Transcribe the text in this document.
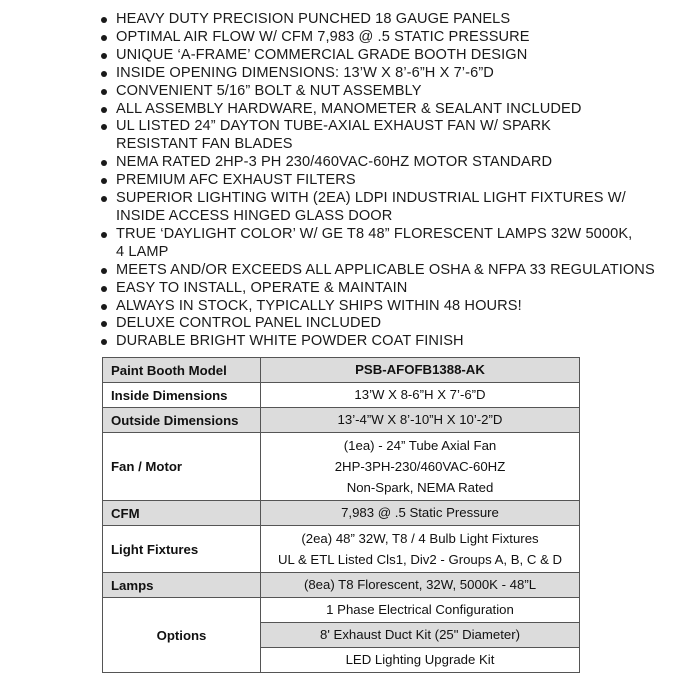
HEAVY DUTY PRECISION PUNCHED 18 GAUGE PANELS
OPTIMAL AIR FLOW W/ CFM 7,983 @ .5 STATIC PRESSURE
UNIQUE ‘A-FRAME’ COMMERCIAL GRADE BOOTH DESIGN
INSIDE OPENING DIMENSIONS: 13’W X 8’-6”H X 7’-6”D
CONVENIENT 5/16” BOLT & NUT ASSEMBLY
ALL ASSEMBLY HARDWARE, MANOMETER & SEALANT INCLUDED
UL LISTED 24” DAYTON TUBE-AXIAL EXHAUST FAN W/ SPARK RESISTANT FAN BLADES
NEMA RATED 2HP-3 PH 230/460VAC-60HZ MOTOR STANDARD
PREMIUM AFC EXHAUST FILTERS
SUPERIOR LIGHTING WITH (2EA) LDPI INDUSTRIAL LIGHT FIXTURES W/ INSIDE ACCESS HINGED GLASS DOOR
TRUE ‘DAYLIGHT COLOR’ W/ GE T8 48” FLORESCENT LAMPS 32W 5000K, 4 LAMP
MEETS AND/OR EXCEEDS ALL APPLICABLE OSHA & NFPA 33 REGULATIONS
EASY TO INSTALL, OPERATE & MAINTAIN
ALWAYS IN STOCK, TYPICALLY SHIPS WITHIN 48 HOURS!
DELUXE CONTROL PANEL INCLUDED
DURABLE BRIGHT WHITE POWDER COAT FINISH
Paint Booth Model	PSB-AFOFB1388-AK
Inside Dimensions	13’W X 8-6”H X 7’-6”D
Outside Dimensions	13’-4”W X 8’-10”H X 10’-2”D
Fan / Motor	(1ea) - 24” Tube Axial Fan
2HP-3PH-230/460VAC-60HZ
Non-Spark, NEMA Rated

CFM	7,983 @ .5 Static Pressure
Light Fixtures	(2ea) 48” 32W, T8 / 4 Bulb Light Fixtures
UL & ETL Listed Cls1, Div2 - Groups A, B, C & D

Lamps	(8ea) T8 Florescent, 32W, 5000K - 48”L
Options	1 Phase Electrical Configuration
	8' Exhaust Duct Kit (25" Diameter)
	LED Lighting Upgrade Kit
